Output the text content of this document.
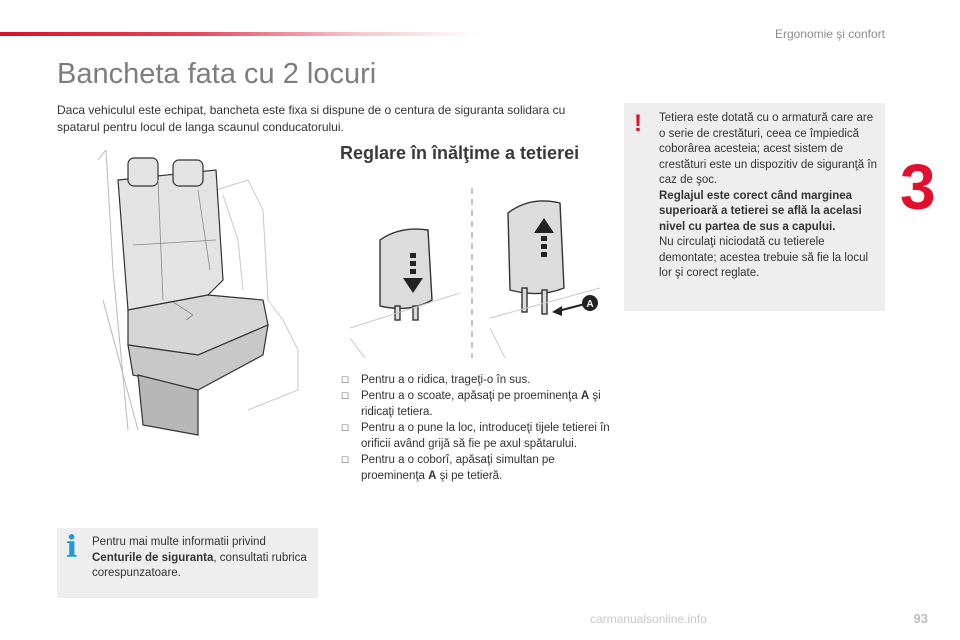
Ergonomie şi confort
3
Bancheta fata cu 2 locuri
Daca vehiculul este echipat, bancheta este fixa si dispune de o centura de siguranta solidara cu spatarul pentru locul de langa scaunul conducatorului.
Reglare în înălţime a tetierei
A
☐ Pentru a o ridica, trageţi-o în sus.
☐ Pentru a o scoate, apăsaţi pe proeminenţa A şi ridicaţi tetiera.
☐ Pentru a o pune la loc, introduceţi tijele tetierei în orificii având grijă să fie pe axul spătarului.
☐ Pentru a o coborî, apăsaţi simultan pe proeminenţa A şi pe tetieră.
! Tetiera este dotată cu o armatură care are o serie de crestături, ceea ce împiedică coborârea acesteia; acest sistem de crestături este un dispozitiv de siguranţă în caz de şoc.
Reglajul este corect când marginea superioară a tetierei se află la acelasi nivel cu partea de sus a capului.
Nu circulaţi niciodată cu tetierele demontate; acestea trebuie să fie la locul lor şi corect reglate.
i Pentru mai multe informatii privind Centurile de siguranta, consultati rubrica corespunzatoare.
carmanualsonline.info	93
